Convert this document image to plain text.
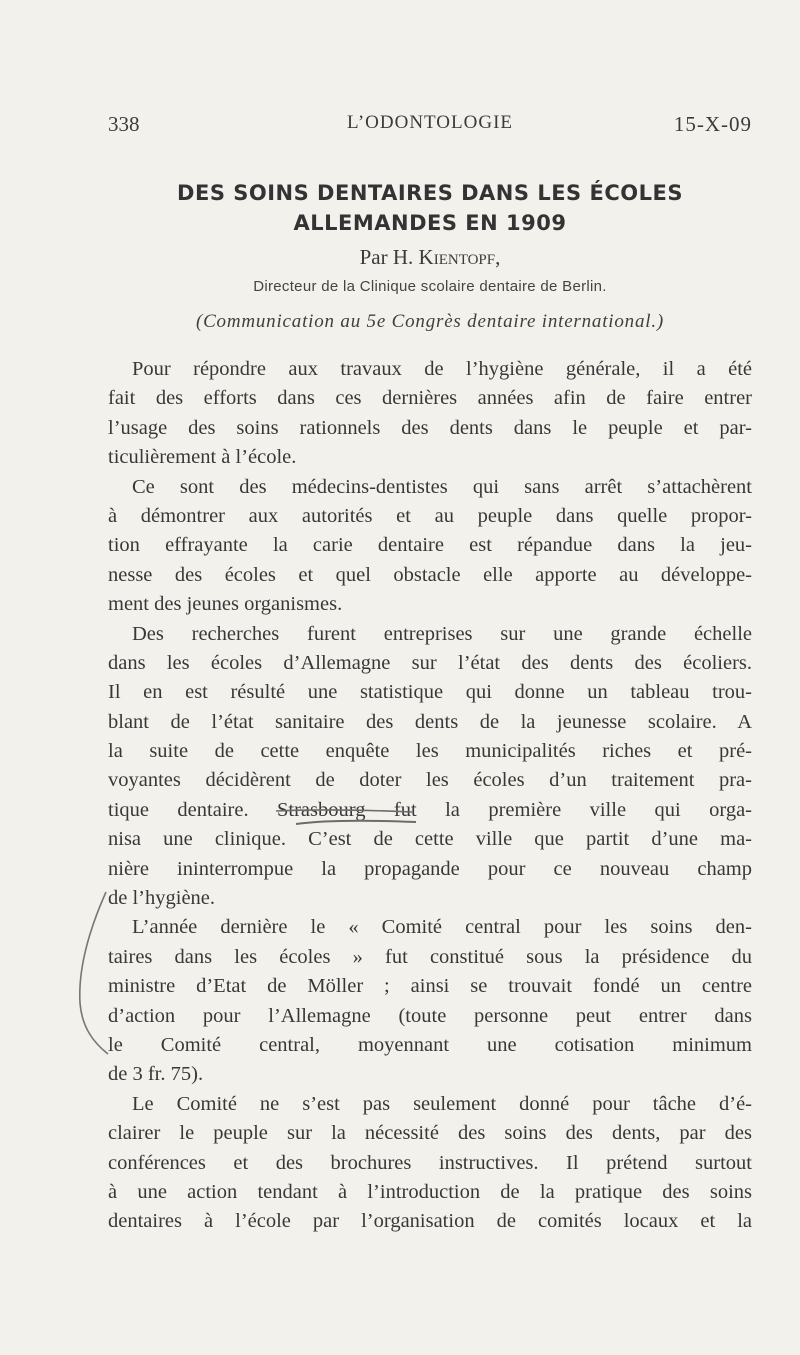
338	L’ODONTOLOGIE	15-X-09
DES SOINS DENTAIRES DANS LES ÉCOLES
ALLEMANDES EN 1909
Par H. Kientopf,
Directeur de la Clinique scolaire dentaire de Berlin.
(Communication au 5e Congrès dentaire international.)
Pour répondre aux travaux de l’hygiène générale, il a été
fait des efforts dans ces dernières années afin de faire entrer
l’usage des soins rationnels des dents dans le peuple et par-
ticulièrement à l’école.
Ce sont des médecins-dentistes qui sans arrêt s’attachèrent
à démontrer aux autorités et au peuple dans quelle propor-
tion effrayante la carie dentaire est répandue dans la jeu-
nesse des écoles et quel obstacle elle apporte au développe-
ment des jeunes organismes.
Des recherches furent entreprises sur une grande échelle
dans les écoles d’Allemagne sur l’état des dents des écoliers.
Il en est résulté une statistique qui donne un tableau trou-
blant de l’état sanitaire des dents de la jeunesse scolaire. A
la suite de cette enquête les municipalités riches et pré-
voyantes décidèrent de doter les écoles d’un traitement pra-
tique dentaire. Strasbourg fut la première ville qui orga-
nisa une clinique. C’est de cette ville que partit d’une ma-
nière ininterrompue la propagande pour ce nouveau champ
de l’hygiène.
L’année dernière le « Comité central pour les soins den-
taires dans les écoles » fut constitué sous la présidence du
ministre d’Etat de Möller ; ainsi se trouvait fondé un centre
d’action pour l’Allemagne (toute personne peut entrer dans
le Comité central, moyennant une cotisation minimum
de 3 fr. 75).
Le Comité ne s’est pas seulement donné pour tâche d’é-
clairer le peuple sur la nécessité des soins des dents, par des
conférences et des brochures instructives. Il prétend surtout
à une action tendant à l’introduction de la pratique des soins
dentaires à l’école par l’organisation de comités locaux et la
